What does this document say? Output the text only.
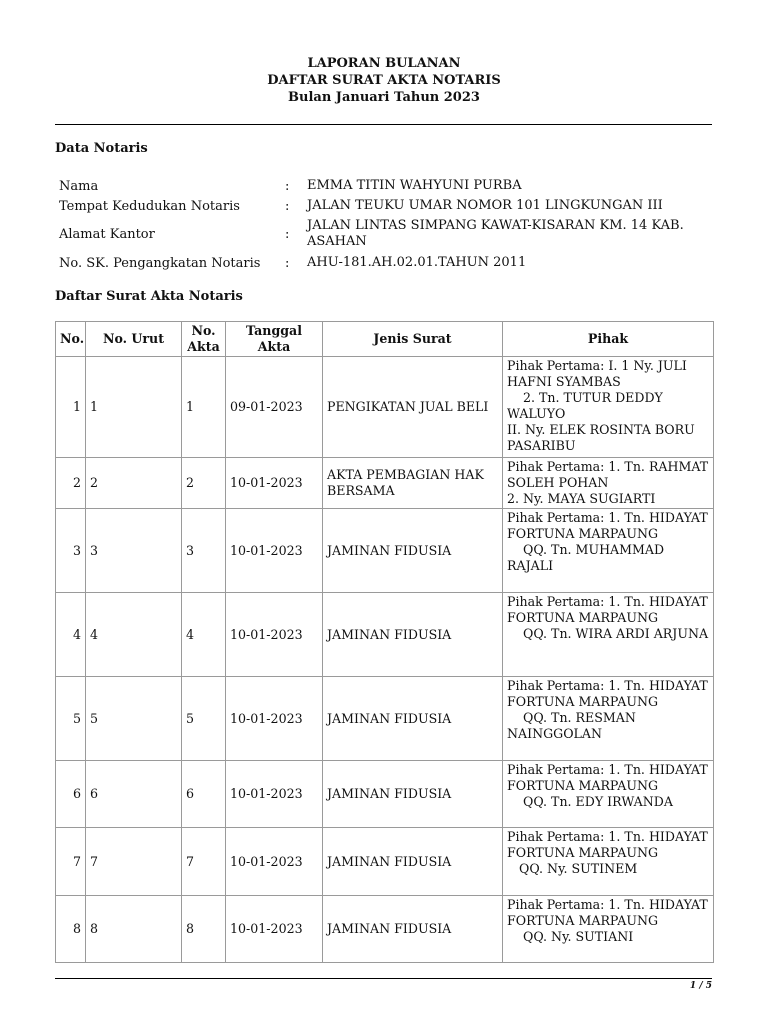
LAPORAN BULANAN
DAFTAR SURAT AKTA NOTARIS
Bulan Januari Tahun 2023
Data Notaris
Nama	:	EMMA TITIN WAHYUNI PURBA
Tempat Kedudukan Notaris	:	JALAN TEUKU UMAR NOMOR 101 LINGKUNGAN III
Alamat Kantor	:
JALAN LINTAS SIMPANG KAWAT-KISARAN KM. 14 KAB. ASAHAN
No. SK. Pengangkatan Notaris	:	AHU-181.AH.02.01.TAHUN 2011
Daftar Surat Akta Notaris
No.	No. Urut	No. Akta	Tanggal Akta	Jenis Surat	Pihak
1	1	1	09-01-2023	PENGIKATAN JUAL BELI	Pihak Pertama: I. 1 Ny. JULI HAFNI SYAMBAS
2. Tn. TUTUR DEDDY WALUYO
II. Ny. ELEK ROSINTA BORU PASARIBU
2	2	2	10-01-2023	AKTA PEMBAGIAN HAK BERSAMA	Pihak Pertama: 1. Tn. RAHMAT SOLEH POHAN
2. Ny. MAYA SUGIARTI
3	3	3	10-01-2023	JAMINAN FIDUSIA	Pihak Pertama: 1. Tn. HIDAYAT FORTUNA MARPAUNG
QQ. Tn. MUHAMMAD RAJALI
4	4	4	10-01-2023	JAMINAN FIDUSIA	Pihak Pertama: 1. Tn. HIDAYAT FORTUNA MARPAUNG
QQ. Tn. WIRA ARDI ARJUNA
5	5	5	10-01-2023	JAMINAN FIDUSIA	Pihak Pertama: 1. Tn. HIDAYAT FORTUNA MARPAUNG
QQ. Tn. RESMAN NAINGGOLAN
6	6	6	10-01-2023	JAMINAN FIDUSIA	Pihak Pertama: 1. Tn. HIDAYAT FORTUNA MARPAUNG
QQ. Tn. EDY IRWANDA
7	7	7	10-01-2023	JAMINAN FIDUSIA	Pihak Pertama: 1. Tn. HIDAYAT FORTUNA MARPAUNG
QQ. Ny. SUTINEM
8	8	8	10-01-2023	JAMINAN FIDUSIA	Pihak Pertama: 1. Tn. HIDAYAT FORTUNA MARPAUNG
QQ. Ny. SUTIANI
1 / 5
